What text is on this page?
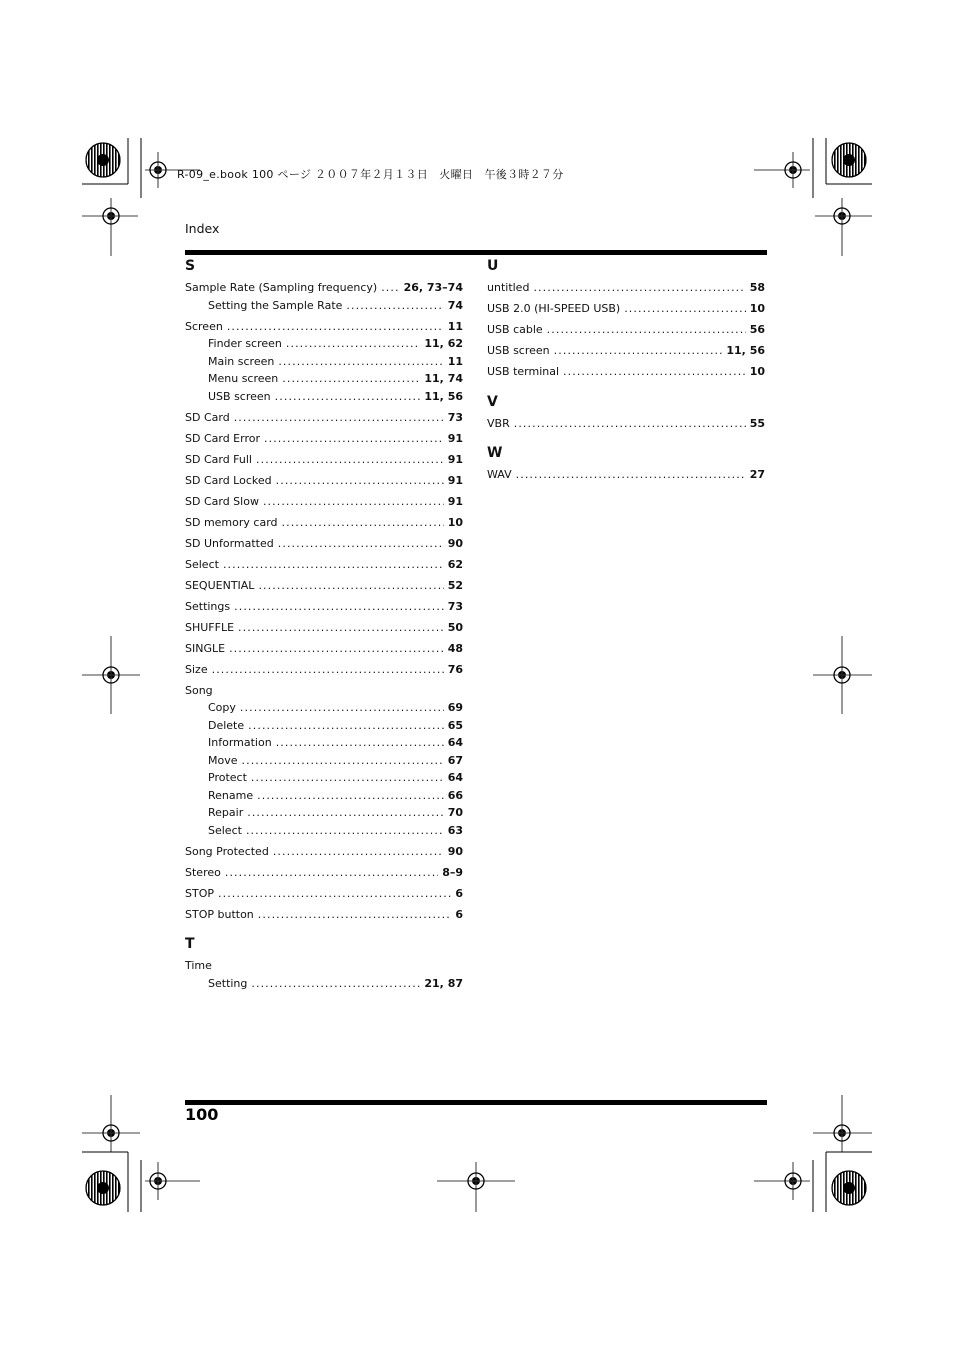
R-09_e.book 100 ページ ２００７年２月１３日　火曜日　午後３時２７分
Index
S
Sample Rate (Sampling frequency) ..... 26, 73–74
Setting the Sample Rate .....	74
Screen .....	11
Finder screen .....	11, 62
Main screen .....	11
Menu screen .....	11, 74
USB screen .....	11, 56
SD Card .....	73
SD Card Error .....	91
SD Card Full .....	91
SD Card Locked .....	91
SD Card Slow .....	91
SD memory card .....	10
SD Unformatted .....	90
Select .....	62
SEQUENTIAL .....	52
Settings .....	73
SHUFFLE .....	50
SINGLE .....	48
Size .....	76
Song
Copy .....	69
Delete .....	65
Information .....	64
Move .....	67
Protect .....	64
Rename .....	66
Repair .....	70
Select .....	63
Song Protected .....	90
Stereo .....	8–9
STOP .....	6
STOP button .....	6
T
Time
Setting .....	21, 87
U
untitled .....	58
USB 2.0 (HI-SPEED USB) .....	10
USB cable .....	56
USB screen .....	11, 56
USB terminal .....	10
V
VBR .....	55
W
WAV .....	27
100
